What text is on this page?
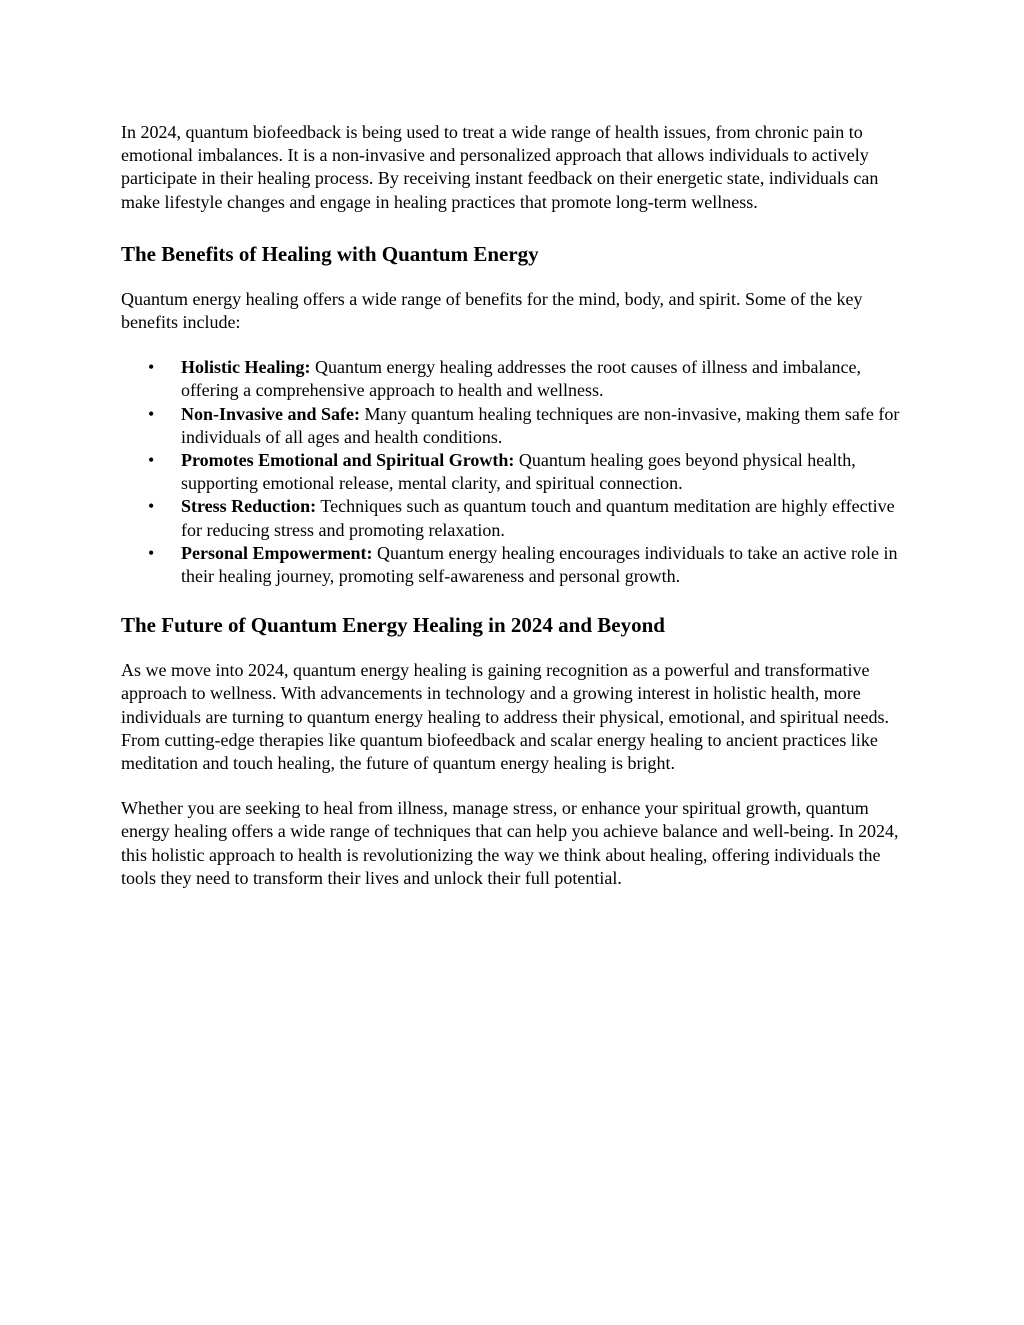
In 2024, quantum biofeedback is being used to treat a wide range of health issues, from chronic pain to emotional imbalances. It is a non-invasive and personalized approach that allows individuals to actively participate in their healing process. By receiving instant feedback on their energetic state, individuals can make lifestyle changes and engage in healing practices that promote long-term wellness.

The Benefits of Healing with Quantum Energy

Quantum energy healing offers a wide range of benefits for the mind, body, and spirit. Some of the key benefits include:

• Holistic Healing: Quantum energy healing addresses the root causes of illness and imbalance, offering a comprehensive approach to health and wellness.
• Non-Invasive and Safe: Many quantum healing techniques are non-invasive, making them safe for individuals of all ages and health conditions.
• Promotes Emotional and Spiritual Growth: Quantum healing goes beyond physical health, supporting emotional release, mental clarity, and spiritual connection.
• Stress Reduction: Techniques such as quantum touch and quantum meditation are highly effective for reducing stress and promoting relaxation.
• Personal Empowerment: Quantum energy healing encourages individuals to take an active role in their healing journey, promoting self-awareness and personal growth.
The Future of Quantum Energy Healing in 2024 and Beyond

As we move into 2024, quantum energy healing is gaining recognition as a powerful and transformative approach to wellness. With advancements in technology and a growing interest in holistic health, more individuals are turning to quantum energy healing to address their physical, emotional, and spiritual needs. From cutting-edge therapies like quantum biofeedback and scalar energy healing to ancient practices like meditation and touch healing, the future of quantum energy healing is bright.

Whether you are seeking to heal from illness, manage stress, or enhance your spiritual growth, quantum energy healing offers a wide range of techniques that can help you achieve balance and well-being. In 2024, this holistic approach to health is revolutionizing the way we think about healing, offering individuals the tools they need to transform their lives and unlock their full potential.
